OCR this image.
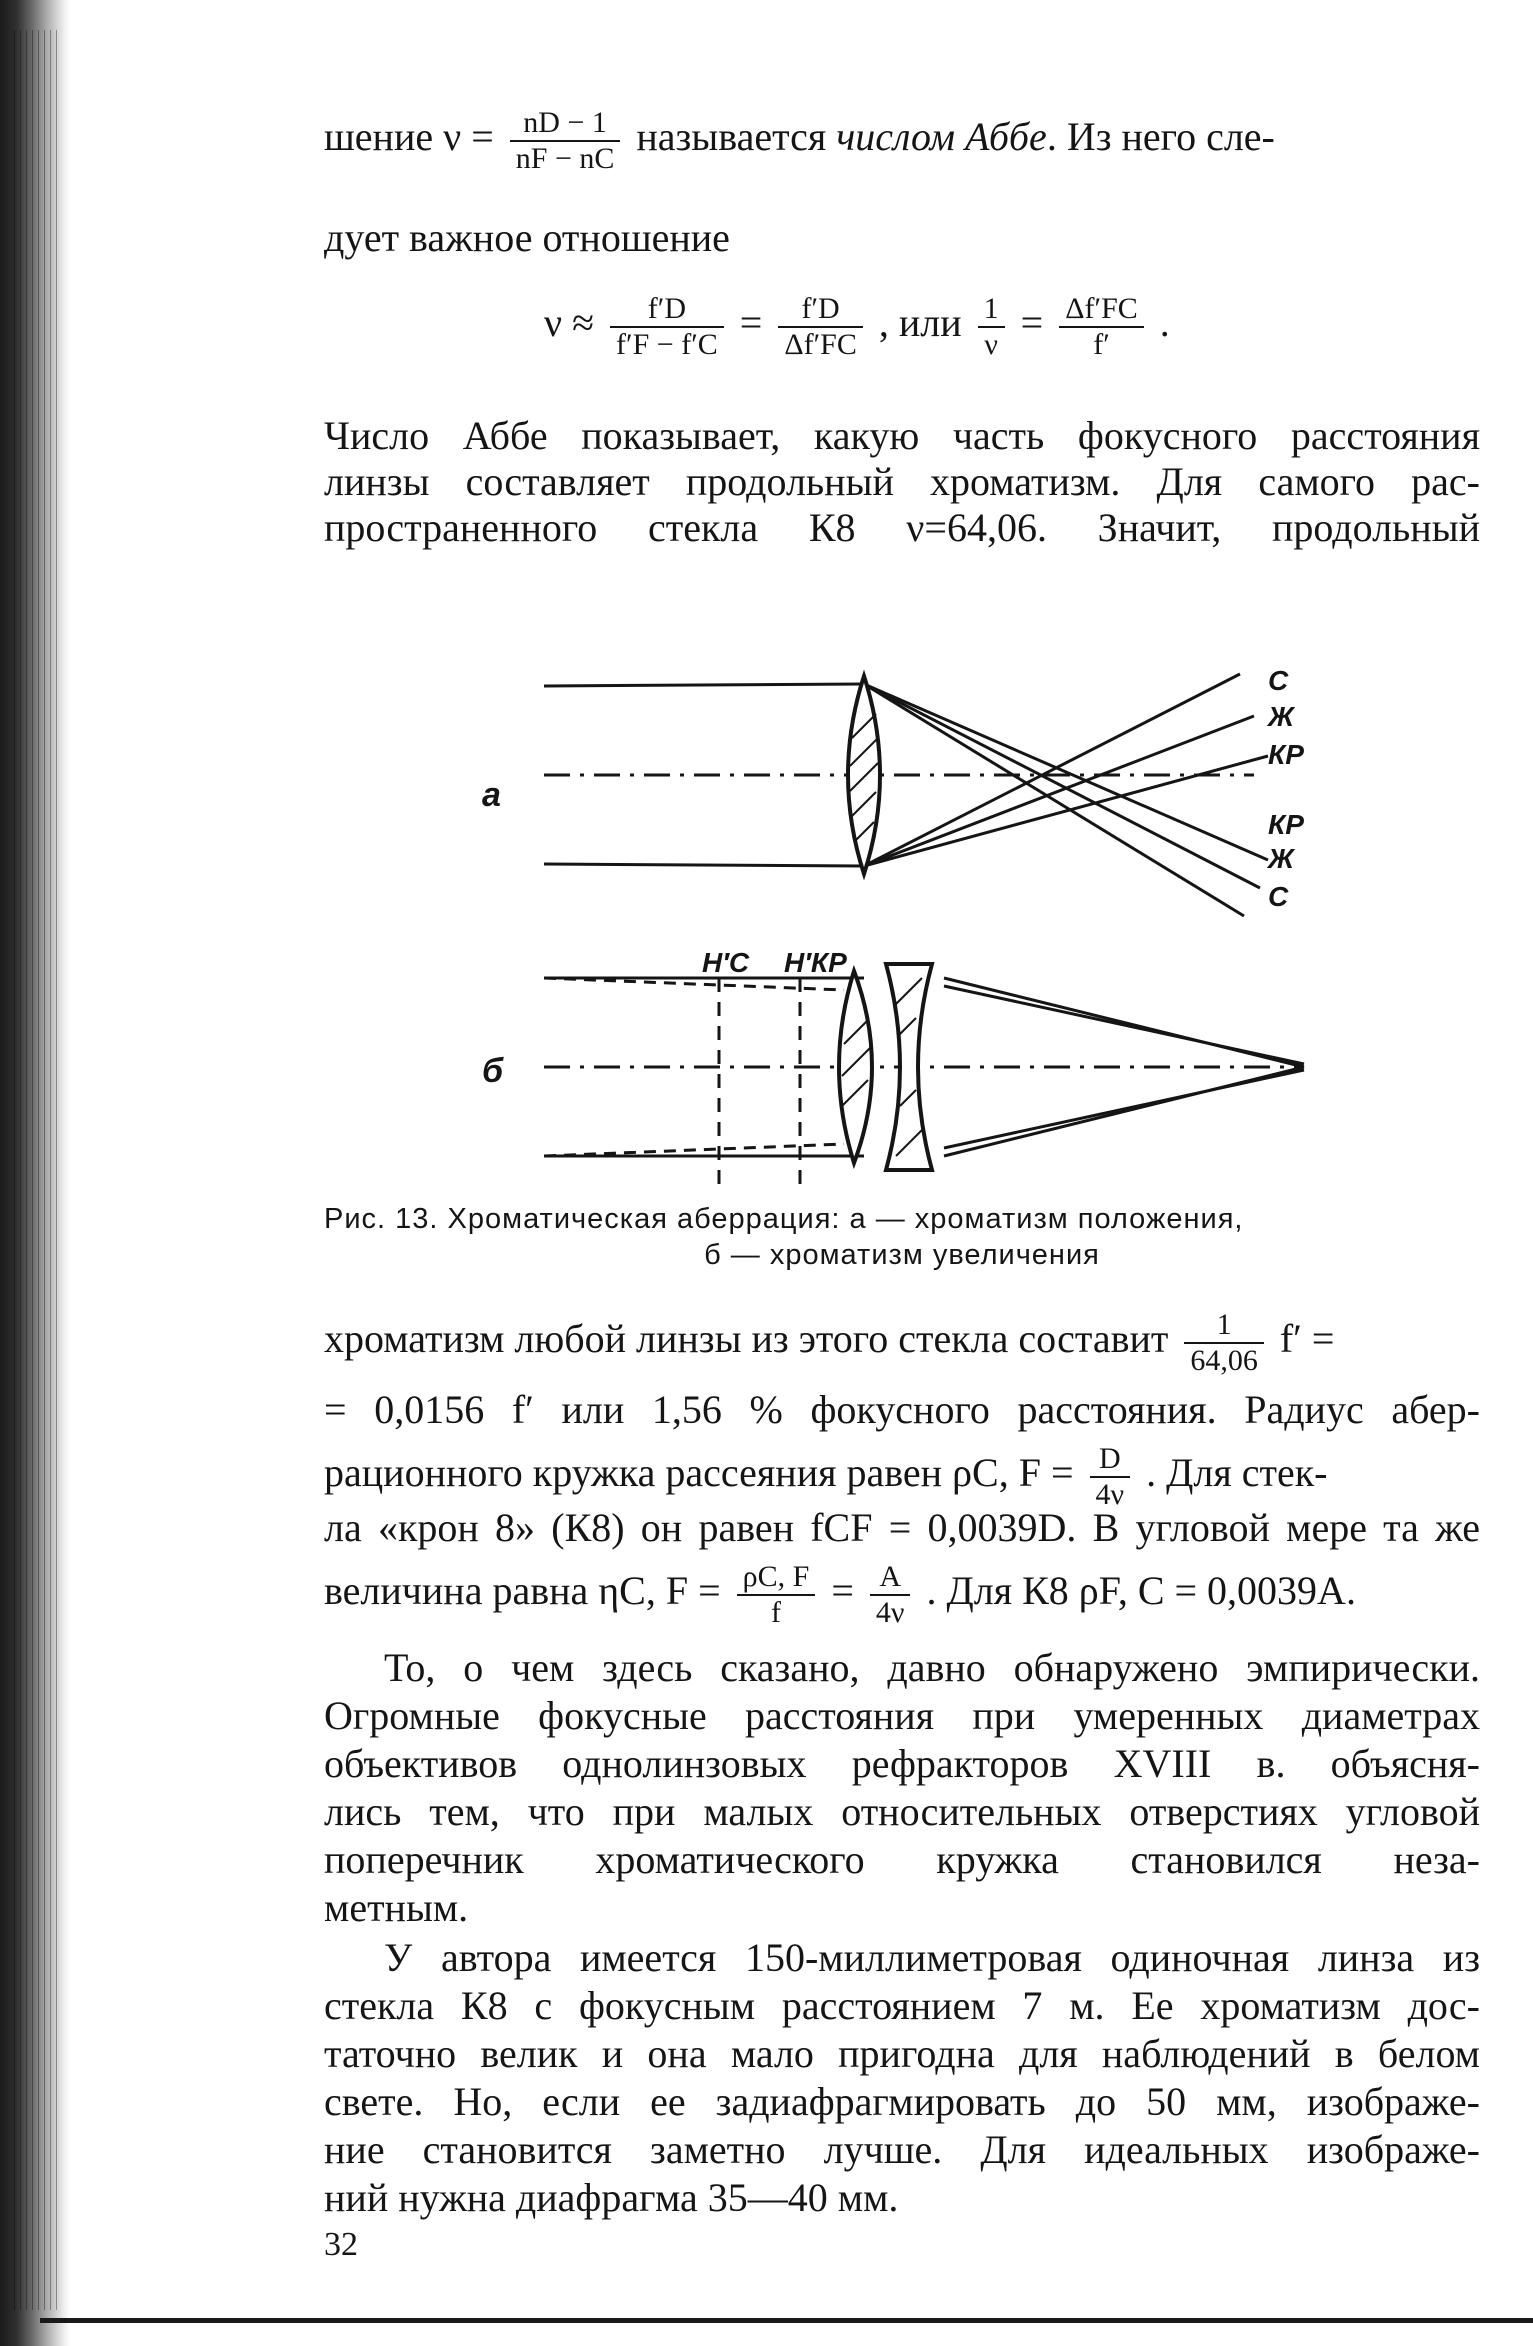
шение $\nu = \frac{nD - 1}{nF - nC}$ называется числом Аббе. Из него сле-
дует важное отношение
$\nu \approx \frac{f'D}{f'F - f'C} = \frac{f'D}{\Delta f'FC}$ , или $\frac{1}{\nu} = \frac{\Delta f'FC}{f'}$ .
Число Аббе показывает, какую часть фокусного расстояния
линзы составляет продольный хроматизм. Для самого рас-
пространенного стекла К8 ν=64,06. Значит, продольный
а
С
Ж
КР
КР
Ж
С
H′С H′КР
б
Рис. 13. Хроматическая аберрация: а — хроматизм положения,
б — хроматизм увеличения
хроматизм любой линзы из этого стекла составит $\frac{1}{64,06} f'$ =
= 0,0156 f′ или 1,56 % фокусного расстояния. Радиус абер-
рационного кружка рассеяния равен ρC, $F = \frac{D}{4\nu}$ . Для стек-
ла «крон 8» (К8) он равен fCF = 0,0039D. В угловой мере та же
величина равна ηC, $F = \frac{\rho C, F}{f} = \frac{A}{4\nu}$ . Для К8 ρF, C = 0,0039A.
То, о чем здесь сказано, давно обнаружено эмпирически.
Огромные фокусные расстояния при умеренных диаметрах
объективов однолинзовых рефракторов XVIII в. объясня-
лись тем, что при малых относительных отверстиях угловой
поперечник хроматического кружка становился неза-
метным.
У автора имеется 150-миллиметровая одиночная линза из
стекла К8 с фокусным расстоянием 7 м. Ее хроматизм дос-
таточно велик и она мало пригодна для наблюдений в белом
свете. Но, если ее задиафрагмировать до 50 мм, изображе-
ние становится заметно лучше. Для идеальных изображе-
ний нужна диафрагма 35—40 мм.
32
